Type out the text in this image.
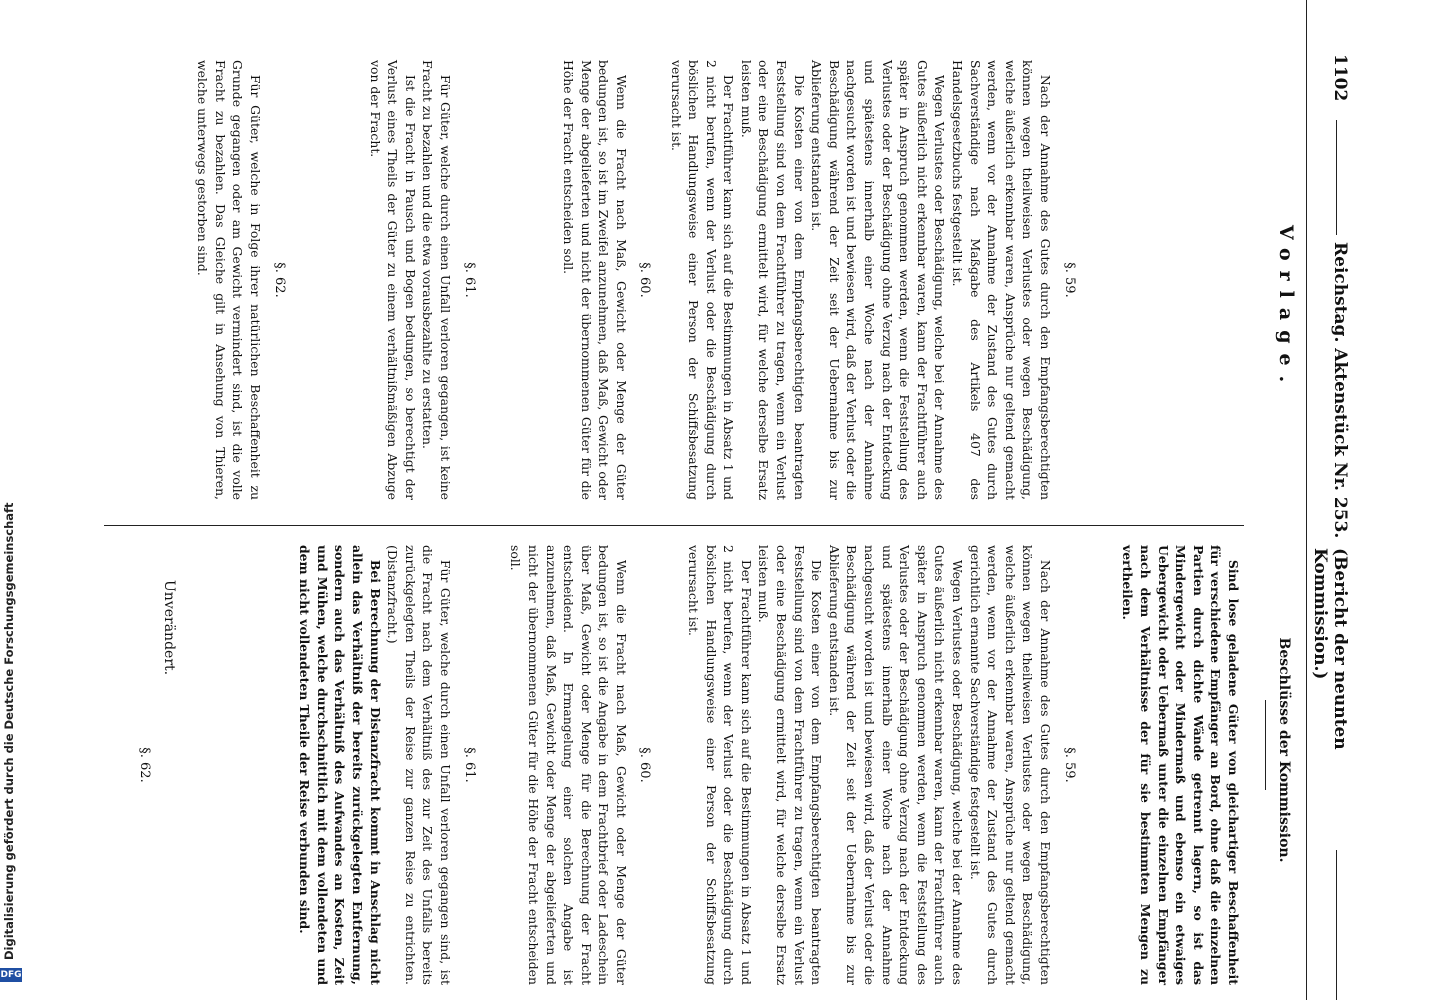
1102
Reichstag. Aktenstück Nr. 253.
(Bericht der neunten Kommission.)
Vorlage.
Beschlüsse der Kommission.
§. 59.

Nach der Annahme des Gutes durch den Empfangsberechtigten können wegen theilweisen Verlustes oder wegen Beschädigung, welche äußerlich erkennbar waren, Ansprüche nur geltend gemacht werden, wenn vor der Annahme der Zustand des Gutes durch Sachverständige nach Maßgabe des Artikels 407 des Handelsgesetzbuchs festgestellt ist.

Wegen Verlustes oder Beschädigung, welche bei der Annahme des Gutes äußerlich nicht erkennbar waren, kann der Frachtführer auch später in Anspruch genommen werden, wenn die Feststellung des Verlustes oder der Beschädigung ohne Verzug nach der Entdeckung und spätestens innerhalb einer Woche nach der Annahme nachgesucht worden ist und bewiesen wird, daß der Verlust oder die Beschädigung während der Zeit seit der Uebernahme bis zur Ablieferung entstanden ist.

Die Kosten einer von dem Empfangsberechtigten beantragten Feststellung sind von dem Frachtführer zu tragen, wenn ein Verlust oder eine Beschädigung ermittelt wird, für welche derselbe Ersatz leisten muß.

Der Frachtführer kann sich auf die Bestimmungen in Absatz 1 und 2 nicht berufen, wenn der Verlust oder die Beschädigung durch böslichen Handlungsweise einer Person der Schiffsbesatzung verursacht ist.

§. 60.

Wenn die Fracht nach Maß, Gewicht oder Menge der Güter bedungen ist, so ist im Zweifel anzunehmen, daß Maß, Gewicht oder Menge der abgelieferten und nicht der übernommenen Güter für die Höhe der Fracht entscheiden soll.

§. 61.

Für Güter, welche durch einen Unfall verloren gegangen, ist keine Fracht zu bezahlen und die etwa vorausbezahlte zu erstatten.

Ist die Fracht in Pausch und Bogen bedungen, so berechtigt der Verlust eines Theils der Güter zu einem verhältnißmäßigen Abzuge von der Fracht.

§. 62.

Für Güter, welche in Folge ihrer natürlichen Beschaffenheit zu Grunde gegangen oder am Gewicht vermindert sind, ist die volle Fracht zu bezahlen. Das Gleiche gilt in Ansehung von Thieren, welche unterwegs gestorben sind.

Sind lose geladene Güter von gleichartiger Beschaffenheit für verschiedene Empfänger an Bord, ohne daß die einzelnen Partien durch dichte Wände getrennt lagern, so ist das Mindergewicht oder Mindermaß und ebenso ein etwaiges Uebergewicht oder Uebermaß unter die einzelnen Empfänger nach dem Verhältnisse der für sie bestimmten Mengen zu vertheilen.

§. 59.

Nach der Annahme des Gutes durch den Empfangsberechtigten können wegen theilweisen Verlustes oder wegen Beschädigung, welche äußerlich erkennbar waren, Ansprüche nur geltend gemacht werden, wenn vor der Annahme der Zustand des Gutes durch gerichtlich ernannte Sachverständige festgestellt ist.

Wegen Verlustes oder Beschädigung, welche bei der Annahme des Gutes äußerlich nicht erkennbar waren, kann der Frachtführer auch später in Anspruch genommen werden, wenn die Feststellung des Verlustes oder der Beschädigung ohne Verzug nach der Entdeckung und spätestens innerhalb einer Woche nach der Annahme nachgesucht worden ist und bewiesen wird, daß der Verlust oder die Beschädigung während der Zeit seit der Uebernahme bis zur Ablieferung entstanden ist.

Die Kosten einer von dem Empfangsberechtigten beantragten Feststellung sind von dem Frachtführer zu tragen, wenn ein Verlust oder eine Beschädigung ermittelt wird, für welche derselbe Ersatz leisten muß.

Der Frachtführer kann sich auf die Bestimmungen in Absatz 1 und 2 nicht berufen, wenn der Verlust oder die Beschädigung durch böslichen Handlungsweise einer Person der Schiffsbesatzung verursacht ist.

§. 60.

Wenn die Fracht nach Maß, Gewicht oder Menge der Güter bedungen ist, so ist die Angabe in dem Frachtbrief oder Ladeschein über Maß, Gewicht oder Menge für die Berechnung der Fracht entscheidend. In Ermangelung einer solchen Angabe ist anzunehmen, daß Maß, Gewicht oder Menge der abgelieferten und nicht der übernommenen Güter für die Höhe der Fracht entscheiden soll.

§. 61.

Für Güter, welche durch einen Unfall verloren gegangen sind, ist die Fracht nach dem Verhältniß des zur Zeit des Unfalls bereits zurückgelegten Theils der Reise zur ganzen Reise zu entrichten. (Distanzfracht.)

Bei Berechnung der Distanzfracht kommt in Anschlag nicht allein das Verhältniß der bereits zurückgelegten Entfernung, sondern auch das Verhältniß des Aufwandes an Kosten, Zeit und Mühen, welche durchschnittlich mit dem vollendeten und dem nicht vollendeten Theile der Reise verbunden sind.

Unverändert.
§. 62.
Digitalisierung gefördert durch die Deutsche Forschungsgemeinschaft
DFG
